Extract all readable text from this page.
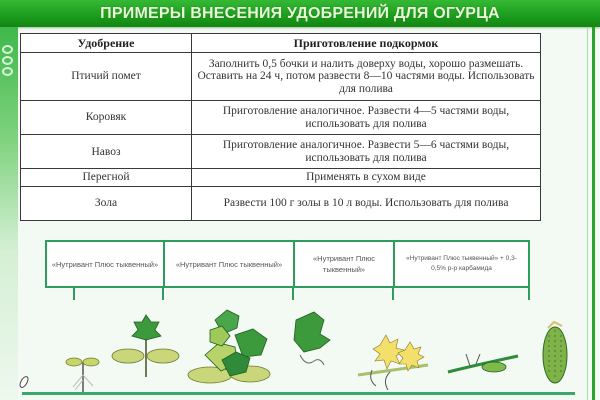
ПРИМЕРЫ ВНЕСЕНИЯ УДОБРЕНИЙ ДЛЯ ОГУРЦА
Удобрение	Приготовление подкормок
Птичий помет	Заполнить 0,5 бочки и налить доверху воды, хорошо размешать. Оставить на 24 ч, потом развести 8—10 частями воды. Использовать для полива
Коровяк	Приготовление аналогичное. Развести 4—5 частями воды, использовать для полива
Навоз	Приготовление аналогичное. Развести 5—6 частями воды, использовать для полива
Перегной	Применять в сухом виде
Зола	Развести 100 г золы в 10 л воды. Использовать для полива
«Нутривант Плюс тыквенный»	«Нутривант Плюс тыквенный»
«Нутривант Плюс тыквенный»
«Нутривант Плюс тыквенный» + 0,3-0,5% р-р карбамида
